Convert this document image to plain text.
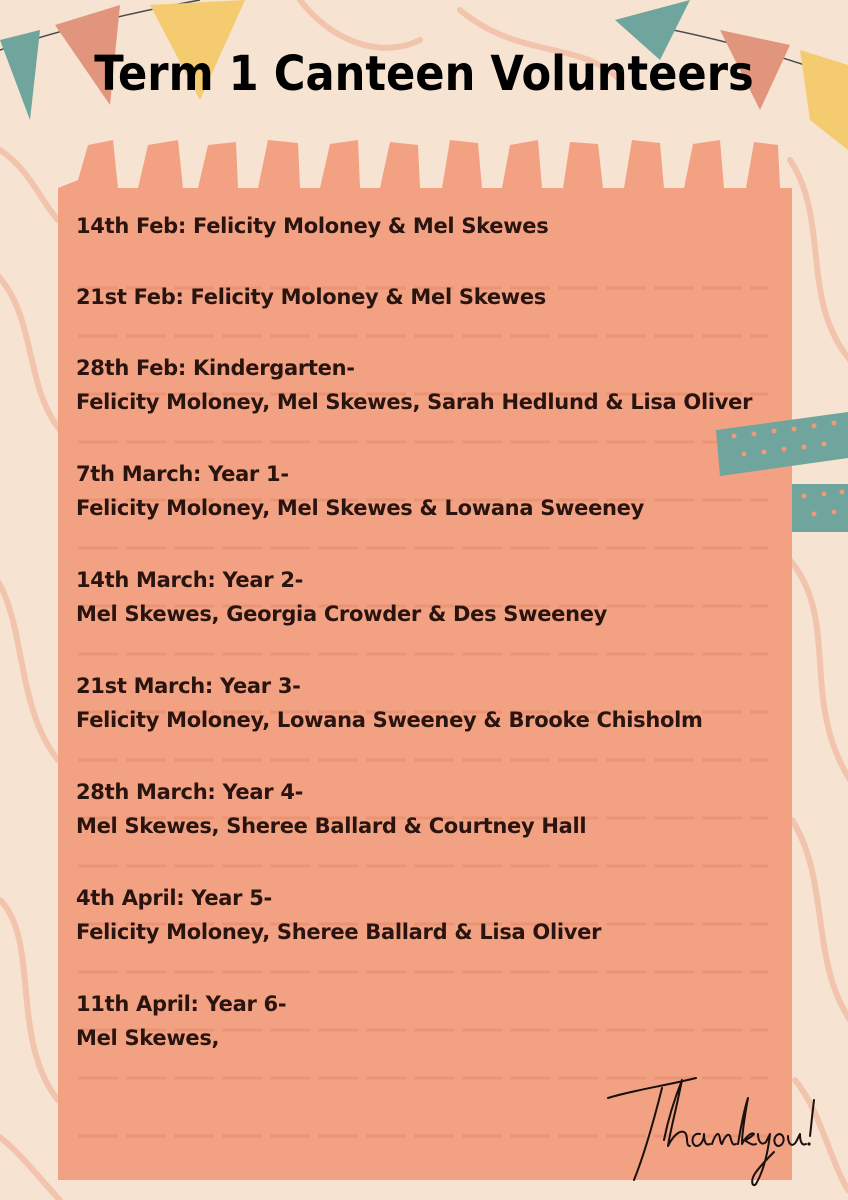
Term 1 Canteen Volunteers
14th Feb: Felicity Moloney & Mel Skewes
21st Feb: Felicity Moloney & Mel Skewes
28th Feb: Kindergarten-
Felicity Moloney, Mel Skewes, Sarah Hedlund & Lisa Oliver
7th March: Year 1-
Felicity Moloney, Mel Skewes & Lowana Sweeney
14th March: Year 2-
Mel Skewes, Georgia Crowder & Des Sweeney
21st March: Year 3-
Felicity Moloney, Lowana Sweeney & Brooke Chisholm
28th March: Year 4-
Mel Skewes, Sheree Ballard & Courtney Hall
4th April: Year 5-
Felicity Moloney, Sheree Ballard & Lisa Oliver
11th April: Year 6-
Mel Skewes,
